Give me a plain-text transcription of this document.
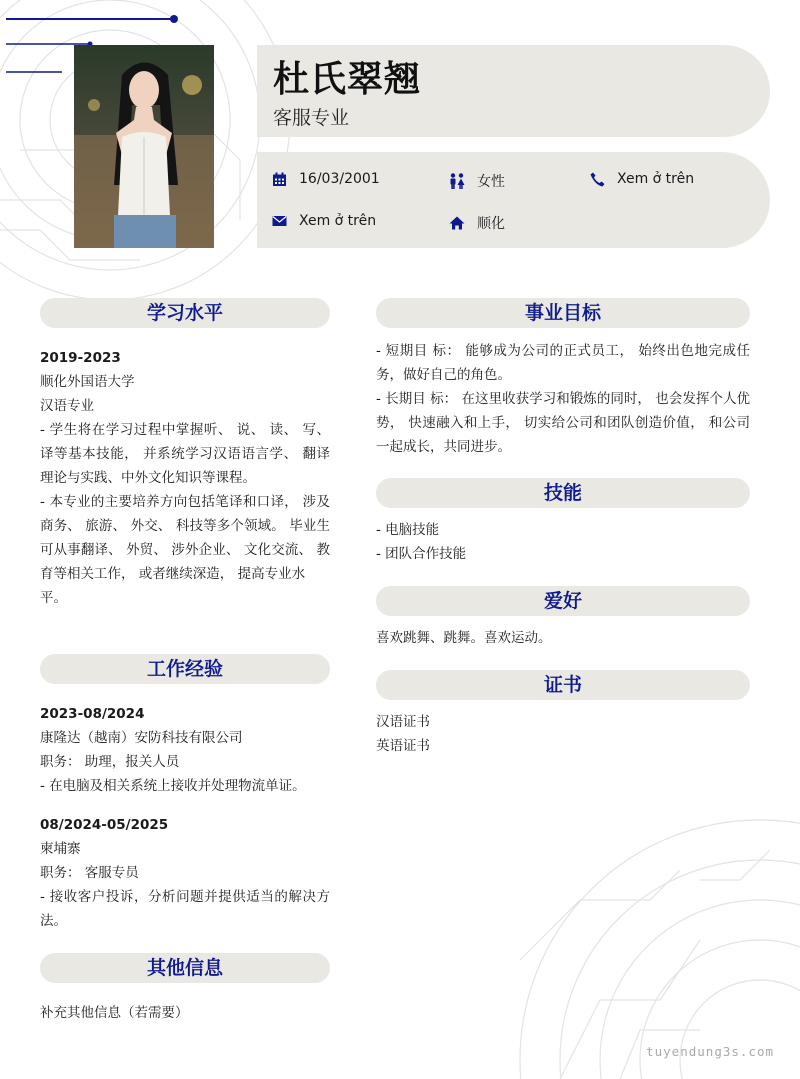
杜氏翠翘
客服专业
16/03/2001	女性	Xem ở trên
Xem ở trên	顺化
学习水平
2019-2023
顺化外国语大学
汉语专业
- 学生将在学习过程中掌握听、 说、 读、 写、 译等基本技能， 并系统学习汉语语言学、 翻译理论与实践、中外文化知识等课程。
- 本专业的主要培养方向包括笔译和口译， 涉及商务、 旅游、 外交、 科技等多个领域。 毕业生可从事翻译、 外贸、 涉外企业、 文化交流、 教育等相关工作， 或者继续深造， 提高专业水
平。
工作经验
2023-08/2024
康隆达（越南）安防科技有限公司
职务： 助理，报关人员
- 在电脑及相关系统上接收并处理物流单证。
08/2024-05/2025
柬埔寨
职务： 客服专员
- 接收客户投诉，分析问题并提供适当的解决方法。
其他信息
补充其他信息（若需要）
事业目标
- 短期目 标： 能够成为公司的正式员工， 始终出色地完成任务，做好自己的角色。
- 长期目 标： 在这里收获学习和锻炼的同时， 也会发挥个人优势， 快速融入和上手， 切实给公司和团队创造价值， 和公司一起成长，共同进步。
技能
- 电脑技能
- 团队合作技能
爱好
喜欢跳舞、跳舞。喜欢运动。
证书
汉语证书
英语证书
tuyendung3s.com
